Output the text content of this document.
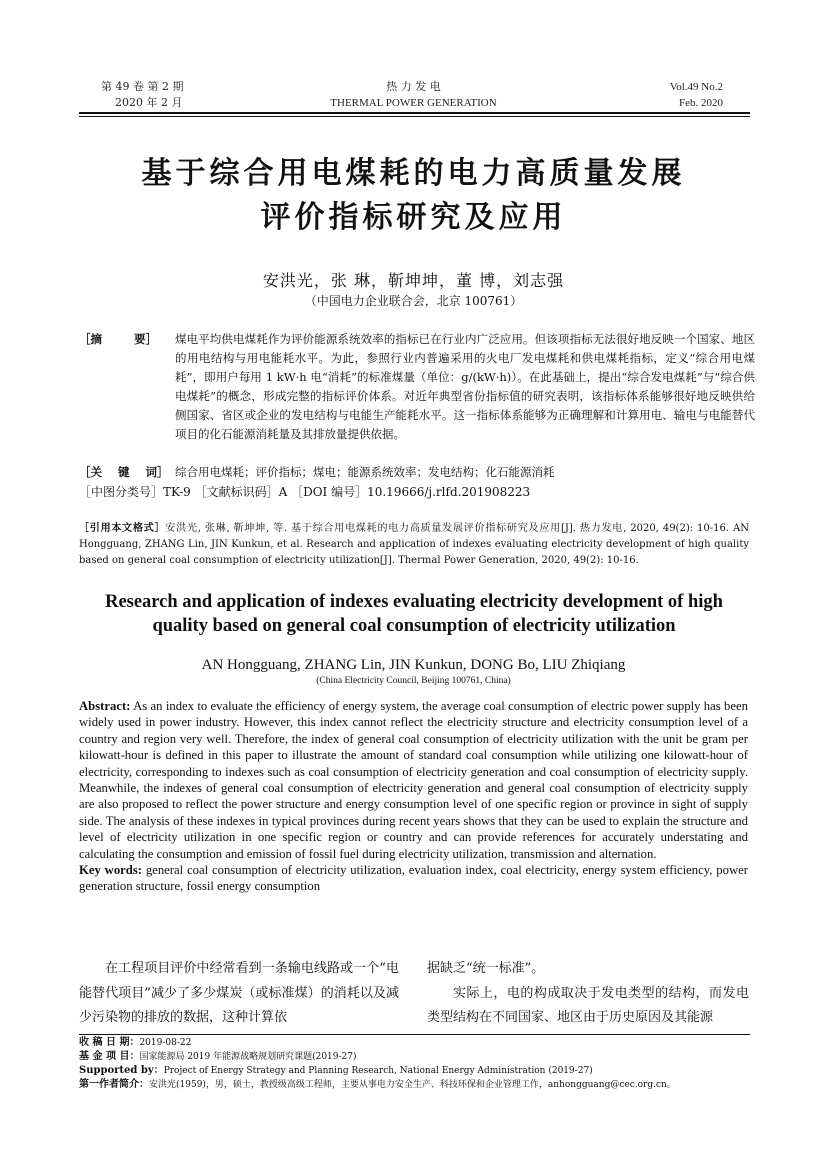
第 49 卷 第 2 期
2020 年 2 月
热 力 发 电
THERMAL POWER GENERATION
Vol.49 No.2
Feb. 2020
基于综合用电煤耗的电力高质量发展
评价指标研究及应用
安洪光，张 琳，靳坤坤，董 博，刘志强
（中国电力企业联合会，北京 100761）
［摘        要］	煤电平均供电煤耗作为评价能源系统效率的指标已在行业内广泛应用。但该项指标无法很好地反映一个国家、地区的用电结构与用电能耗水平。为此，参照行业内普遍采用的火电厂发电煤耗和供电煤耗指标，定义“综合用电煤耗”，即用户每用 1 kW·h 电“消耗”的标准煤量（单位：g/(kW·h)）。在此基础上，提出“综合发电煤耗”与“综合供电煤耗”的概念，形成完整的指标评价体系。对近年典型省份指标值的研究表明，该指标体系能够很好地反映供给侧国家、省区或企业的发电结构与电能生产能耗水平。这一指标体系能够为正确理解和计算用电、输电与电能替代项目的化石能源消耗量及其排放量提供依据。
［关    键    词］ 综合用电煤耗；评价指标；煤电；能源系统效率；发电结构；化石能源消耗
［中图分类号］TK-9 ［文献标识码］A ［DOI 编号］10.19666/j.rlfd.201908223
［引用本文格式］安洪光, 张琳, 靳坤坤, 等. 基于综合用电煤耗的电力高质量发展评价指标研究及应用[J]. 热力发电, 2020, 49(2): 10-16. AN Hongguang, ZHANG Lin, JIN Kunkun, et al. Research and application of indexes evaluating electricity development of high quality based on general coal consumption of electricity utilization[J]. Thermal Power Generation, 2020, 49(2): 10-16.
Research and application of indexes evaluating electricity development of high quality based on general coal consumption of electricity utilization
AN Hongguang, ZHANG Lin, JIN Kunkun, DONG Bo, LIU Zhiqiang
(China Electricity Council, Beijing 100761, China)
Abstract: As an index to evaluate the efficiency of energy system, the average coal consumption of electric power supply has been widely used in power industry. However, this index cannot reflect the electricity structure and electricity consumption level of a country and region very well. Therefore, the index of general coal consumption of electricity utilization with the unit be gram per kilowatt-hour is defined in this paper to illustrate the amount of standard coal consumption while utilizing one kilowatt-hour of electricity, corresponding to indexes such as coal consumption of electricity generation and coal consumption of electricity supply. Meanwhile, the indexes of general coal consumption of electricity generation and general coal consumption of electricity supply are also proposed to reflect the power structure and energy consumption level of one specific region or province in sight of supply side. The analysis of these indexes in typical provinces during recent years shows that they can be used to explain the structure and level of electricity utilization in one specific region or country and can provide references for accurately understating and calculating the consumption and emission of fossil fuel during electricity utilization, transmission and alternation.
Key words: general coal consumption of electricity utilization, evaluation index, coal electricity, energy system efficiency, power generation structure, fossil energy consumption
在工程项目评价中经常看到一条输电线路或一个“电能替代项目”减少了多少煤炭（或标准煤）的消耗以及减少污染物的排放的数据，这种计算依
据缺乏“统一标准”。
实际上，电的构成取决于发电类型的结构，而发电类型结构在不同国家、地区由于历史原因及其能源
收 稿 日 期：2019-08-22
基 金 项 目：国家能源局 2019 年能源战略规划研究课题(2019-27)
Supported by：Project of Energy Strategy and Planning Research, National Energy Administration (2019-27)
第一作者简介：安洪光(1959)，男，硕士，教授级高级工程师，主要从事电力安全生产、科技环保和企业管理工作，anhongguang@cec.org.cn。
